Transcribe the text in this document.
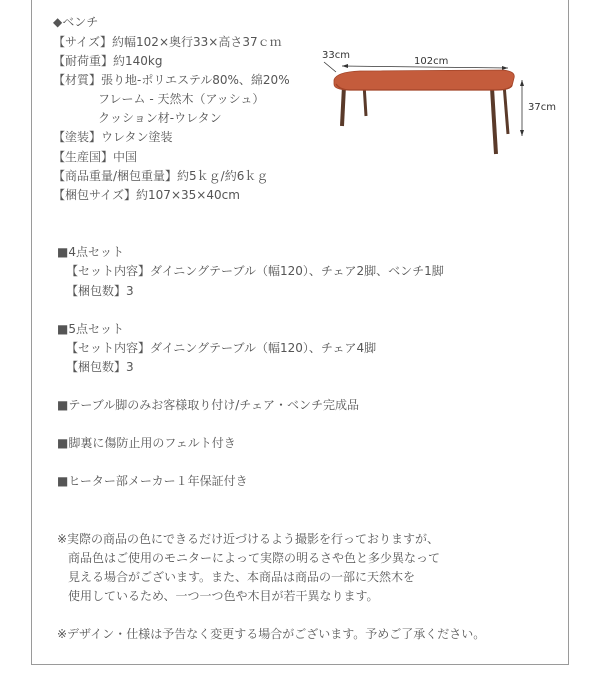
◆ベンチ
【サイズ】約幅102×奥行33×高さ37ｃｍ
【耐荷重】約140kg
【材質】張り地-ポリエステル80%、綿20%
フレーム - 天然木（アッシュ）
クッション材-ウレタン
【塗装】ウレタン塗装
【生産国】中国
【商品重量/梱包重量】約5ｋｇ/約6ｋｇ
【梱包サイズ】約107×35×40cm
33cm
102cm
37cm
■4点セット
【セット内容】ダイニングテーブル（幅120）、チェア2脚、ベンチ1脚
【梱包数】3
■5点セット
【セット内容】ダイニングテーブル（幅120）、チェア4脚
【梱包数】3
■テーブル脚のみお客様取り付け/チェア・ベンチ完成品
■脚裏に傷防止用のフェルト付き
■ヒーター部メーカー１年保証付き
※実際の商品の色にできるだけ近づけるよう撮影を行っておりますが、
商品色はご使用のモニターによって実際の明るさや色と多少異なって
見える場合がございます。また、本商品は商品の一部に天然木を
使用しているため、一つ一つ色や木目が若干異なります。
※デザイン・仕様は予告なく変更する場合がございます。予めご了承ください。
